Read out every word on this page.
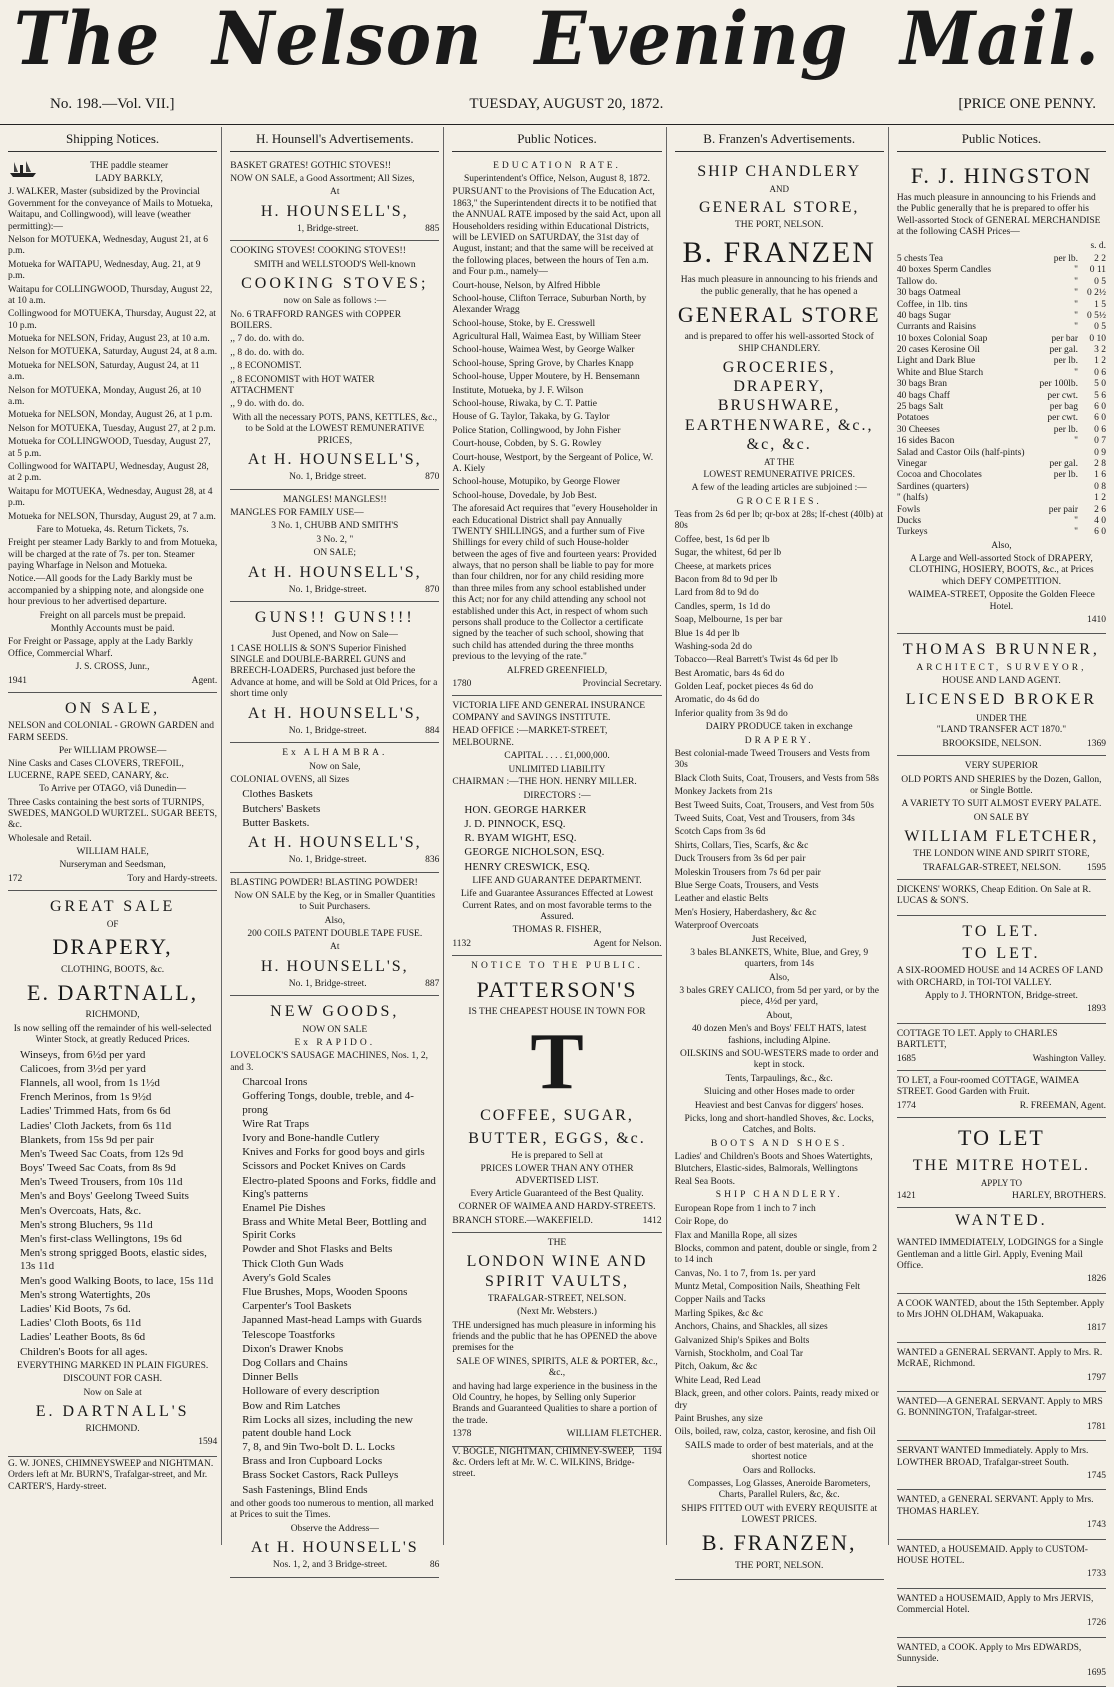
The Nelson Evening Mail.
No. 198.—Vol. VII.]	TUESDAY, AUGUST 20, 1872.	[PRICE ONE PENNY.
Shipping Notices.

THE paddle steamer

LADY BARKLY,

J. WALKER, Master (subsidized by the Provincial Government for the conveyance of Mails to Motueka, Waitapu, and Collingwood), will leave (weather permitting):—

Nelson for MOTUEKA, Wednesday, August 21, at 6 p.m.

Motueka for WAITAPU, Wednesday, Aug. 21, at 9 p.m.

Waitapu for COLLINGWOOD, Thursday, August 22, at 10 a.m.

Collingwood for MOTUEKA, Thursday, August 22, at 10 p.m.

Motueka for NELSON, Friday, August 23, at 10 a.m.

Nelson for MOTUEKA, Saturday, August 24, at 8 a.m.

Motueka for NELSON, Saturday, August 24, at 11 a.m.

Nelson for MOTUEKA, Monday, August 26, at 10 a.m.

Motueka for NELSON, Monday, August 26, at 1 p.m.

Nelson for MOTUEKA, Tuesday, August 27, at 2 p.m.

Motueka for COLLINGWOOD, Tuesday, August 27, at 5 p.m.

Collingwood for WAITAPU, Wednesday, August 28, at 2 p.m.

Waitapu for MOTUEKA, Wednesday, August 28, at 4 p.m.

Motueka for NELSON, Thursday, August 29, at 7 a.m.

Fare to Motueka, 4s. Return Tickets, 7s.

Freight per steamer Lady Barkly to and from Motueka, will be charged at the rate of 7s. per ton. Steamer paying Wharfage in Nelson and Motueka.

Notice.—All goods for the Lady Barkly must be accompanied by a shipping note, and alongside one hour previous to her advertised departure.

Freight on all parcels must be prepaid.

Monthly Accounts must be paid.

For Freight or Passage, apply at the Lady Barkly Office, Commercial Wharf.

J. S. CROSS, Junr.,

1941	Agent.

ON SALE,

NELSON and COLONIAL - GROWN GARDEN and FARM SEEDS.

Per WILLIAM PROWSE—

Nine Casks and Cases CLOVERS, TREFOIL, LUCERNE, RAPE SEED, CANARY, &c.

To Arrive per OTAGO, viâ Dunedin—

Three Casks containing the best sorts of TURNIPS, SWEDES, MANGOLD WURTZEL. SUGAR BEETS, &c.

Wholesale and Retail.

WILLIAM HALE,

Nurseryman and Seedsman,

172	Tory and Hardy-streets.

GREAT SALE

OF

DRAPERY,

CLOTHING, BOOTS, &c.

E. DARTNALL,

RICHMOND,

Is now selling off the remainder of his well-selected Winter Stock, at greatly Reduced Prices.

Winseys, from 6½d per yard

Calicoes, from 3½d per yard

Flannels, all wool, from 1s 1½d

French Merinos, from 1s 9½d

Ladies' Trimmed Hats, from 6s 6d

Ladies' Cloth Jackets, from 6s 11d

Blankets, from 15s 9d per pair

Men's Tweed Sac Coats, from 12s 9d

Boys' Tweed Sac Coats, from 8s 9d

Men's Tweed Trousers, from 10s 11d

Men's and Boys' Geelong Tweed Suits

Men's Overcoats, Hats, &c.

Men's strong Bluchers, 9s 11d

Men's first-class Wellingtons, 19s 6d

Men's strong sprigged Boots, elastic sides, 13s 11d

Men's good Walking Boots, to lace, 15s 11d

Men's strong Watertights, 20s

Ladies' Kid Boots, 7s 6d.

Ladies' Cloth Boots, 6s 11d

Ladies' Leather Boots, 8s 6d

Children's Boots for all ages.

EVERYTHING MARKED IN PLAIN FIGURES.

DISCOUNT FOR CASH.

Now on Sale at

E. DARTNALL'S

RICHMOND.

1594

G. W. JONES, CHIMNEYSWEEP and NIGHTMAN. Orders left at Mr. BURN'S, Trafalgar-street, and Mr. CARTER'S, Hardy-street.

H. Hounsell's Advertisements.

BASKET GRATES! GOTHIC STOVES!!

NOW ON SALE, a Good Assortment; All Sizes,

At

H. HOUNSELL'S,

1, Bridge-street.	885

COOKING STOVES! COOKING STOVES!!

SMITH and WELLSTOOD'S Well-known

COOKING STOVES;

now on Sale as follows :—

No. 6 TRAFFORD RANGES with COPPER BOILERS.

,, 7 do. do. with do.

,, 8 do. do. with do.

,, 8 ECONOMIST.

,, 8 ECONOMIST with HOT WATER ATTACHMENT

,, 9 do. with do. do.

With all the necessary POTS, PANS, KETTLES, &c., to be Sold at the LOWEST REMUNERATIVE PRICES,

At H. HOUNSELL'S,

No. 1, Bridge street.	870

MANGLES! MANGLES!!

MANGLES FOR FAMILY USE—

3 No. 1, CHUBB AND SMITH'S

3 No. 2, "

ON SALE;

At H. HOUNSELL'S,

No. 1, Bridge-street.	870

GUNS!! GUNS!!!

Just Opened, and Now on Sale—

1 CASE HOLLIS & SON'S Superior Finished SINGLE and DOUBLE-BARREL GUNS and BREECH-LOADERS, Purchased just before the Advance at home, and will be Sold at Old Prices, for a short time only

At H. HOUNSELL'S,

No. 1, Bridge-street.	884

Ex ALHAMBRA.

Now on Sale,

COLONIAL OVENS, all Sizes

Clothes Baskets

Butchers' Baskets

Butter Baskets.

At H. HOUNSELL'S,

No. 1, Bridge-street.	836

BLASTING POWDER! BLASTING POWDER!

Now ON SALE by the Keg, or in Smaller Quantities to Suit Purchasers.

Also,

200 COILS PATENT DOUBLE TAPE FUSE.

At

H. HOUNSELL'S,

No. 1, Bridge-street.	887

NEW GOODS,

NOW ON SALE

Ex RAPIDO.

LOVELOCK'S SAUSAGE MACHINES, Nos. 1, 2, and 3.

Charcoal Irons

Goffering Tongs, double, treble, and 4-prong

Wire Rat Traps

Ivory and Bone-handle Cutlery

Knives and Forks for good boys and girls

Scissors and Pocket Knives on Cards

Electro-plated Spoons and Forks, fiddle and King's patterns

Enamel Pie Dishes

Brass and White Metal Beer, Bottling and Spirit Corks

Powder and Shot Flasks and Belts

Thick Cloth Gun Wads

Avery's Gold Scales

Flue Brushes, Mops, Wooden Spoons

Carpenter's Tool Baskets

Japanned Mast-head Lamps with Guards

Telescope Toastforks

Dixon's Drawer Knobs

Dog Collars and Chains

Dinner Bells

Holloware of every description

Bow and Rim Latches

Rim Locks all sizes, including the new patent double hand Lock

7, 8, and 9in Two-bolt D. L. Locks

Brass and Iron Cupboard Locks

Brass Socket Castors, Rack Pulleys

Sash Fastenings, Blind Ends

and other goods too numerous to mention, all marked at Prices to suit the Times.

Observe the Address—

At H. HOUNSELL'S

Nos. 1, 2, and 3 Bridge-street.	86
Public Notices.

EDUCATION RATE.

Superintendent's Office, Nelson, August 8, 1872.

PURSUANT to the Provisions of The Education Act, 1863," the Superintendent directs it to be notified that the ANNUAL RATE imposed by the said Act, upon all Householders residing within Educational Districts, will be LEVIED on SATURDAY, the 31st day of August, instant; and that the same will be received at the following places, between the hours of Ten a.m. and Four p.m., namely—

Court-house, Nelson, by Alfred Hibble

School-house, Clifton Terrace, Suburban North, by Alexander Wragg

School-house, Stoke, by E. Cresswell

Agricultural Hall, Waimea East, by William Steer

School-house, Waimea West, by George Walker

School-house, Spring Grove, by Charles Knapp

School-house, Upper Moutere, by H. Bensemann

Institute, Motueka, by J. F. Wilson

School-house, Riwaka, by C. T. Pattie

House of G. Taylor, Takaka, by G. Taylor

Police Station, Collingwood, by John Fisher

Court-house, Cobden, by S. G. Rowley

Court-house, Westport, by the Sergeant of Police, W. A. Kiely

School-house, Motupiko, by George Flower

School-house, Dovedale, by Job Best.

The aforesaid Act requires that "every Householder in each Educational District shall pay Annually TWENTY SHILLINGS, and a further sum of Five Shillings for every child of such House-holder between the ages of five and fourteen years: Provided always, that no person shall be liable to pay for more than four children, nor for any child residing more than three miles from any school established under this Act; nor for any child attending any school not established under this Act, in respect of whom such persons shall produce to the Collector a certificate signed by the teacher of such school, showing that such child has attended during the three months previous to the levying of the rate."

ALFRED GREENFIELD,

1780	Provincial Secretary.

VICTORIA LIFE AND GENERAL INSURANCE COMPANY and SAVINGS INSTITUTE.

HEAD OFFICE :—MARKET-STREET, MELBOURNE.

CAPITAL . . . . £1,000,000.

UNLIMITED LIABILITY

CHAIRMAN :—THE HON. HENRY MILLER.

DIRECTORS :—

HON. GEORGE HARKER

J. D. PINNOCK, ESQ.

R. BYAM WIGHT, ESQ.

GEORGE NICHOLSON, ESQ.

HENRY CRESWICK, ESQ.

LIFE AND GUARANTEE DEPARTMENT.

Life and Guarantee Assurances Effected at Lowest Current Rates, and on most favorable terms to the Assured.

THOMAS R. FISHER,

1132	Agent for Nelson.

NOTICE TO THE PUBLIC.

PATTERSON'S

IS THE CHEAPEST HOUSE IN TOWN FOR

T

COFFEE, SUGAR,

BUTTER, EGGS, &c.

He is prepared to Sell at

PRICES LOWER THAN ANY OTHER ADVERTISED LIST.

Every Article Guaranteed of the Best Quality.

CORNER OF WAIMEA AND HARDY-STREETS.

BRANCH STORE.—WAKEFIELD.	1412

THE

LONDON WINE AND SPIRIT VAULTS,

TRAFALGAR-STREET, NELSON.

(Next Mr. Websters.)

THE undersigned has much pleasure in informing his friends and the public that he has OPENED the above premises for the

SALE OF WINES, SPIRITS, ALE & PORTER, &c., &c.,

and having had large experience in the business in the Old Country, he hopes, by Selling only Superior Brands and Guaranteed Qualities to share a portion of the trade.

1378	WILLIAM FLETCHER.
V. BOGLE, NIGHTMAN, CHIMNEY-SWEEP, &c. Orders left at Mr. W. C. WILKINS, Bridge-street.
1194
B. Franzen's Advertisements.

SHIP CHANDLERY

AND

GENERAL STORE,

THE PORT, NELSON.

B. FRANZEN

Has much pleasure in announcing to his friends and the public generally, that he has opened a

GENERAL STORE

and is prepared to offer his well-assorted Stock of SHIP CHANDLERY.

GROCERIES, DRAPERY, BRUSHWARE, EARTHENWARE, &c., &c, &c.

AT THE

LOWEST REMUNERATIVE PRICES.

A few of the leading articles are subjoined :—

GROCERIES.

Teas from 2s 6d per lb; qr-box at 28s; lf-chest (40lb) at 80s

Coffee, best, 1s 6d per lb

Sugar, the whitest, 6d per lb

Cheese, at markets prices

Bacon from 8d to 9d per lb

Lard from 8d to 9d do

Candles, sperm, 1s 1d do

Soap, Melbourne, 1s per bar

Blue 1s 4d per lb

Washing-soda 2d do

Tobacco—Real Barrett's Twist 4s 6d per lb

Best Aromatic, bars 4s 6d do

Golden Leaf, pocket pieces 4s 6d do

Aromatic, do 4s 6d do

Inferior quality from 3s 9d do

DAIRY PRODUCE taken in exchange

DRAPERY.

Best colonial-made Tweed Trousers and Vests from 30s

Black Cloth Suits, Coat, Trousers, and Vests from 58s

Monkey Jackets from 21s

Best Tweed Suits, Coat, Trousers, and Vest from 50s

Tweed Suits, Coat, Vest and Trousers, from 34s

Scotch Caps from 3s 6d

Shirts, Collars, Ties, Scarfs, &c &c

Duck Trousers from 3s 6d per pair

Moleskin Trousers from 7s 6d per pair

Blue Serge Coats, Trousers, and Vests

Leather and elastic Belts

Men's Hosiery, Haberdashery, &c &c

Waterproof Overcoats

Just Received,

3 bales BLANKETS, White, Blue, and Grey, 9 quarters, from 14s

Also,

3 bales GREY CALICO, from 5d per yard, or by the piece, 4½d per yard,

About,

40 dozen Men's and Boys' FELT HATS, latest fashions, including Alpine.

OILSKINS and SOU-WESTERS made to order and kept in stock.

Tents, Tarpaulings, &c., &c.

Sluicing and other Hoses made to order

Heaviest and best Canvas for diggers' hoses.

Picks, long and short-handled Shoves, &c. Locks, Catches, and Bolts.

BOOTS AND SHOES.

Ladies' and Children's Boots and Shoes Watertights, Blutchers, Elastic-sides, Balmorals, Wellingtons

Real Sea Boots.

SHIP CHANDLERY.

European Rope from 1 inch to 7 inch

Coir Rope, do

Flax and Manilla Rope, all sizes

Blocks, common and patent, double or single, from 2 to 14 inch

Canvas, No. 1 to 7, from 1s. per yard

Muntz Metal, Composition Nails, Sheathing Felt

Copper Nails and Tacks

Marling Spikes, &c &c

Anchors, Chains, and Shackles, all sizes

Galvanized Ship's Spikes and Bolts

Varnish, Stockholm, and Coal Tar

Pitch, Oakum, &c &c

White Lead, Red Lead

Black, green, and other colors. Paints, ready mixed or dry

Paint Brushes, any size

Oils, boiled, raw, colza, castor, kerosine, and fish Oil

SAILS made to order of best materials, and at the shortest notice

Oars and Rollocks.

Compasses, Log Glasses, Aneroide Barometers, Charts, Parallel Rulers, &c, &c.

SHIPS FITTED OUT with EVERY REQUISITE at LOWEST PRICES.

B. FRANZEN,

THE PORT, NELSON.

Public Notices.

F. J. HINGSTON

Has much pleasure in announcing to his Friends and the Public generally that he is prepared to offer his Well-assorted Stock of GENERAL MERCHANDISE at the following CASH Prices—

s. d.

5 chests Tea	per lb.	2 2
40 boxes Sperm Candles	"	0 11
Tallow do.	"	0 5
30 bags Oatmeal	" 0 2½
Coffee, in 1lb. tins	"	1 5
40 bags Sugar	" 0 5½
Currants and Raisins	"	0 5
10 boxes Colonial Soap	per bar	0 10
20 cases Kerosine Oil	per gal.	3 2
Light and Dark Blue	per lb.	1 2
White and Blue Starch	"	0 6
30 bags Bran	per 100lb.	5 0
40 bags Chaff	per cwt.	5 6
25 bags Salt	per bag	6 0
Potatoes	per cwt.	6 0
30 Cheeses	per lb.	0 6
16 sides Bacon	"	0 7
Salad and Castor Oils (half-pints)	0 9
Vinegar	per gal.	2 8
Cocoa and Chocolates	per lb.	1 6
Sardines (quarters)	0 8
" (halfs)	1 2
Fowls	per pair	2 6
Ducks	"	4 0
Turkeys	"	6 0

Also,

A Large and Well-assorted Stock of DRAPERY, CLOTHING, HOSIERY, BOOTS, &c., at Prices which DEFY COMPETITION.

WAIMEA-STREET, Opposite the Golden Fleece Hotel.

1410

THOMAS BRUNNER,

ARCHITECT, SURVEYOR,

HOUSE AND LAND AGENT.

LICENSED BROKER

UNDER THE

"LAND TRANSFER ACT 1870."

BROOKSIDE, NELSON.	1369

VERY SUPERIOR

OLD PORTS AND SHERIES by the Dozen, Gallon, or Single Bottle.

A VARIETY TO SUIT ALMOST EVERY PALATE.

ON SALE BY

WILLIAM FLETCHER,

THE LONDON WINE AND SPIRIT STORE,

TRAFALGAR-STREET, NELSON.	1595

DICKENS' WORKS, Cheap Edition. On Sale at R. LUCAS & SON'S.

TO LET.

TO LET.

A SIX-ROOMED HOUSE and 14 ACRES OF LAND with ORCHARD, in TOI-TOI VALLEY.

Apply to J. THORNTON, Bridge-street.

1893

COTTAGE TO LET. Apply to CHARLES BARTLETT,

1685	Washington Valley.

TO LET, a Four-roomed COTTAGE, WAIMEA STREET. Good Garden with Fruit.

1774	R. FREEMAN, Agent.

TO LET

THE MITRE HOTEL.

APPLY TO

1421	HARLEY, BROTHERS.

WANTED.

WANTED IMMEDIATELY, LODGINGS for a Single Gentleman and a little Girl. Apply, Evening Mail Office.

1826

A COOK WANTED, about the 15th September. Apply to Mrs JOHN OLDHAM, Wakapuaka.

1817

WANTED a GENERAL SERVANT. Apply to Mrs. R. McRAE, Richmond.

1797

WANTED—A GENERAL SERVANT. Apply to MRS G. BONNINGTON, Trafalgar-street.

1781

SERVANT WANTED Immediately. Apply to Mrs. LOWTHER BROAD, Trafalgar-street South.

1745

WANTED, a GENERAL SERVANT. Apply to Mrs. THOMAS HARLEY.

1743

WANTED, a HOUSEMAID. Apply to CUSTOM-HOUSE HOTEL.

1733

WANTED a HOUSEMAID, Apply to Mrs JERVIS, Commercial Hotel.

1726

WANTED, a COOK. Apply to Mrs EDWARDS, Sunnyside.

1695
